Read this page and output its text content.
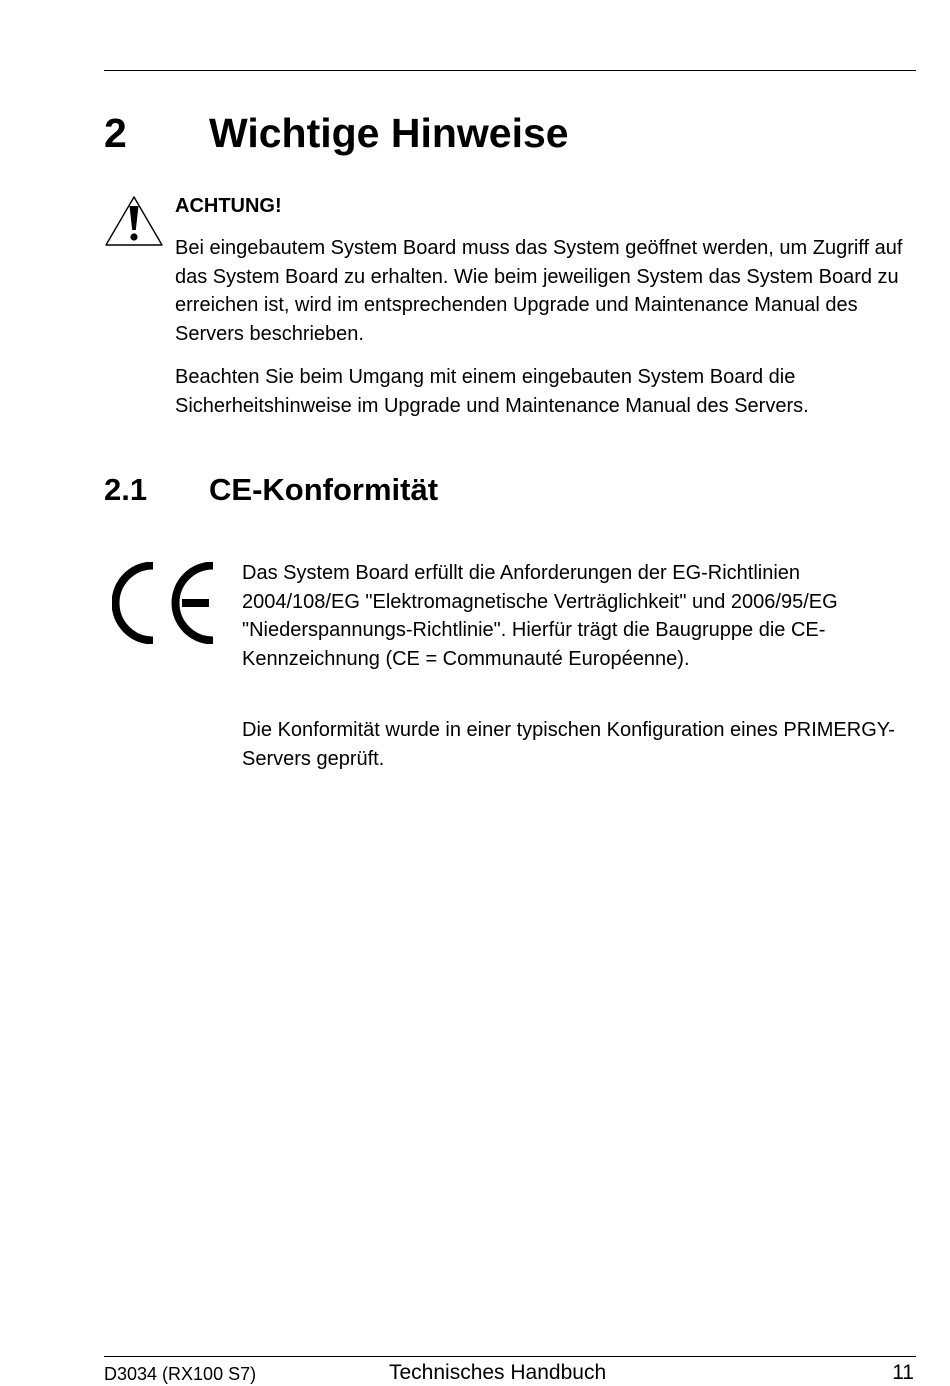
2 Wichtige Hinweise
ACHTUNG!

Bei eingebautem System Board muss das System geöffnet werden, um Zugriff auf das System Board zu erhalten. Wie beim jeweiligen System das System Board zu erreichen ist, wird im entsprechenden Upgrade und Maintenance Manual des Servers beschrieben.

Beachten Sie beim Umgang mit einem eingebauten System Board die Sicherheitshinweise im Upgrade und Maintenance Manual des Servers.

2.1 CE-Konformität

Das System Board erfüllt die Anforderungen der EG-Richtlinien 2004/108/EG "Elektromagnetische Verträglichkeit" und 2006/95/EG "Niederspannungs-Richtlinie". Hierfür trägt die Baugruppe die CE-Kennzeichnung (CE = Communauté Européenne).

Die Konformität wurde in einer typischen Konfiguration eines PRIMERGY-Servers geprüft.

D3034 (RX100 S7)	Technisches Handbuch	11
